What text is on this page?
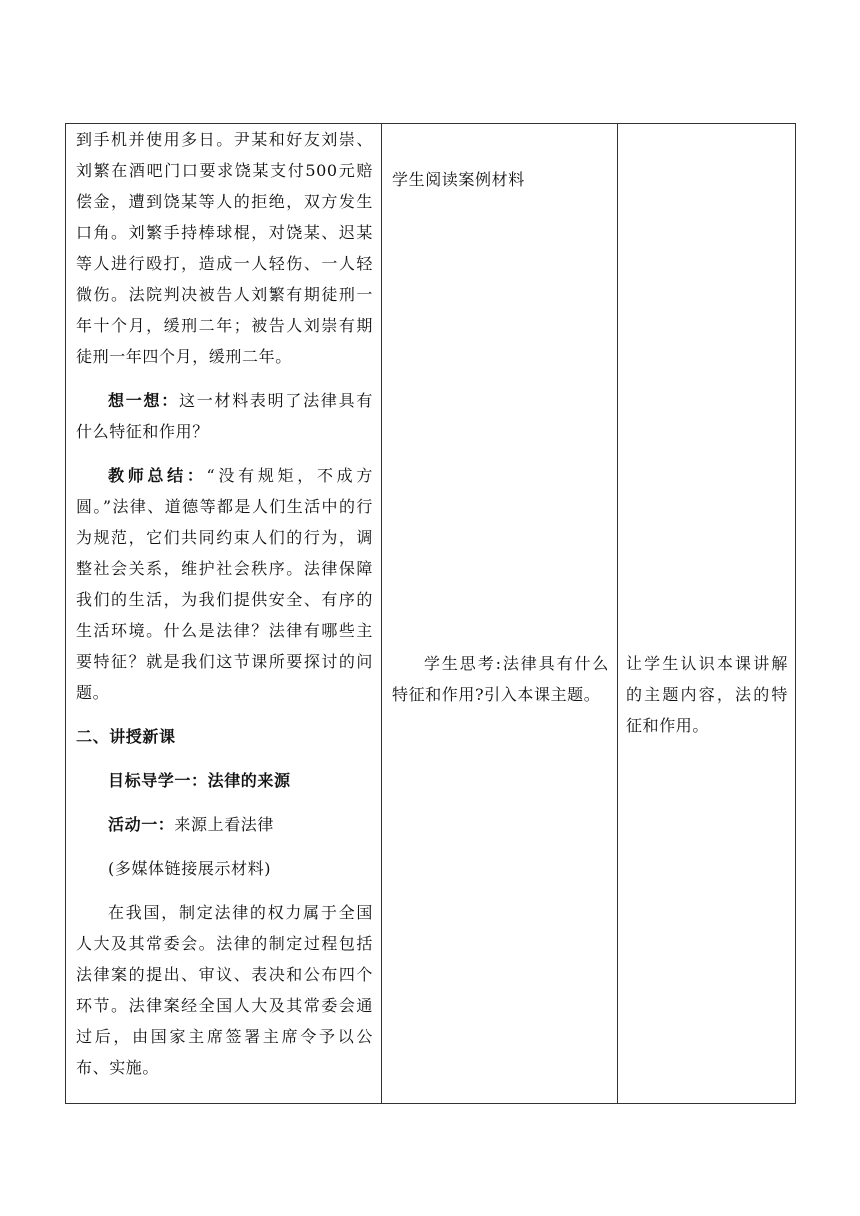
到手机并使用多日。尹某和好友刘崇、刘繁在酒吧门口要求饶某支付500元赔偿金，遭到饶某等人的拒绝，双方发生口角。刘繁手持棒球棍，对饶某、迟某等人进行殴打，造成一人轻伤、一人轻微伤。法院判决被告人刘繁有期徒刑一年十个月，缓刑二年；被告人刘崇有期徒刑一年四个月，缓刑二年。

想一想：这一材料表明了法律具有什么特征和作用？

教师总结：“没有规矩，不成方圆。”法律、道德等都是人们生活中的行为规范，它们共同约束人们的行为，调整社会关系，维护社会秩序。法律保障我们的生活，为我们提供安全、有序的生活环境。什么是法律？法律有哪些主要特征？就是我们这节课所要探讨的问题。

二、讲授新课

目标导学一：法律的来源

活动一：来源上看法律

(多媒体链接展示材料)

在我国，制定法律的权力属于全国人大及其常委会。法律的制定过程包括法律案的提出、审议、表决和公布四个环节。法律案经全国人大及其常委会通过后，由国家主席签署主席令予以公布、实施。

学生阅读案例材料

学生思考:法律具有什么特征和作用?引入本课主题。

让学生认识本课讲解的主题内容，法的特征和作用。
